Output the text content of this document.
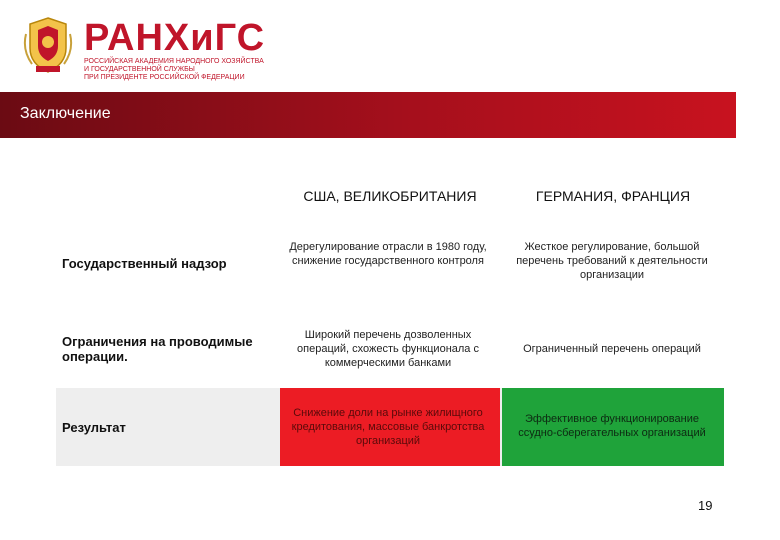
РАНХиГС
РОССИЙСКАЯ АКАДЕМИЯ НАРОДНОГО ХОЗЯЙСТВА
И ГОСУДАРСТВЕННОЙ СЛУЖБЫ
ПРИ ПРЕЗИДЕНТЕ РОССИЙСКОЙ ФЕДЕРАЦИИ
Заключение
США, ВЕЛИКОБРИТАНИЯ	ГЕРМАНИЯ, ФРАНЦИЯ
Государственный надзор
Дерегулирование отрасли в 1980 году, снижение государственного контроля
Жесткое регулирование, большой перечень требований к деятельности организации
Ограничения на проводимые операции.
Широкий перечень дозволенных операций, схожесть функционала с коммерческими банками
Ограниченный перечень операций
Результат
Снижение доли на рынке жилищного кредитования, массовые банкротства организаций
Эффективное функционирование ссудно-сберегательных организаций
19
